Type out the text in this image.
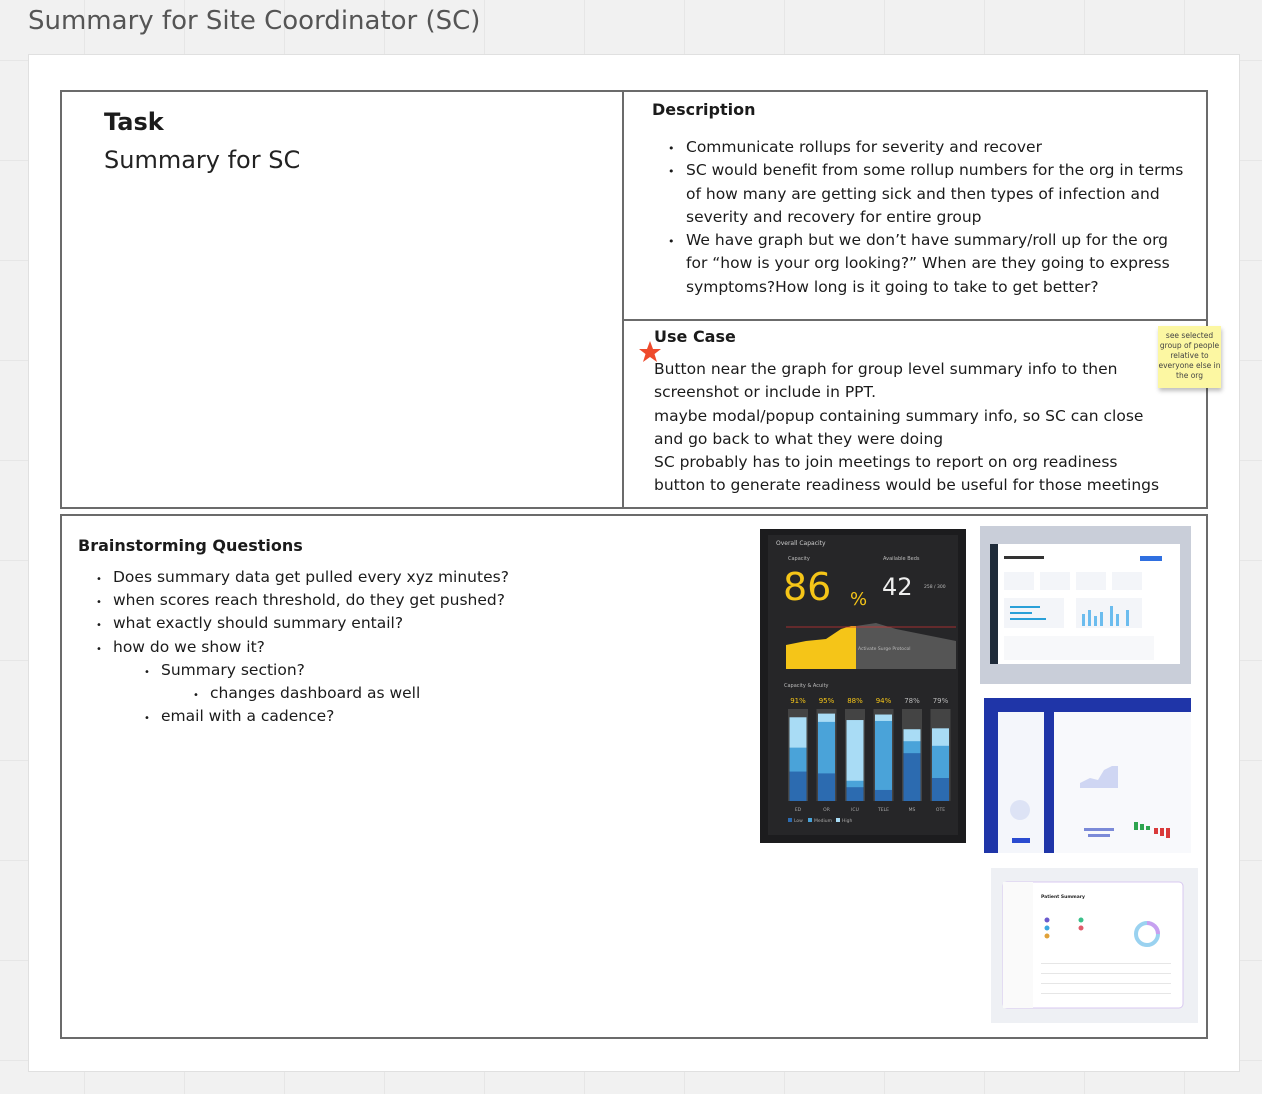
Summary for Site Coordinator (SC)
Task
Summary for SC
Description
• Communicate rollups for severity and recover
• SC would benefit from some rollup numbers for the org in terms of how many are getting sick and then types of infection and severity and recovery for entire group
• We have graph but we don’t have summary/roll up for the org for “how is your org looking?” When are they going to express symptoms?How long is it going to take to get better?
Use Case

Button near the graph for group level summary info to then screenshot or include in PPT.

maybe modal/popup containing summary info, so SC can close and go back to what they were doing

SC probably has to join meetings to report on org readiness

button to generate readiness would be useful for those meetings

see selected group of people relative to everyone else in the org
Brainstorming Questions
• Does summary data get pulled every xyz minutes?
• when scores reach threshold, do they get pushed?
• what exactly should summary entail?
• how do we show it?
• Summary section?
• changes dashboard as well
• email with a cadence?
Overall Capacity
Capacity	Available Beds
86 % 42	258 / 300
Activate Surge Protocol
Capacity & Acuity
91%
ED
95%
OR
88%
ICU
94%
TELE
78%
MS
79%
OTE
Low Medium High
Patient Summary
